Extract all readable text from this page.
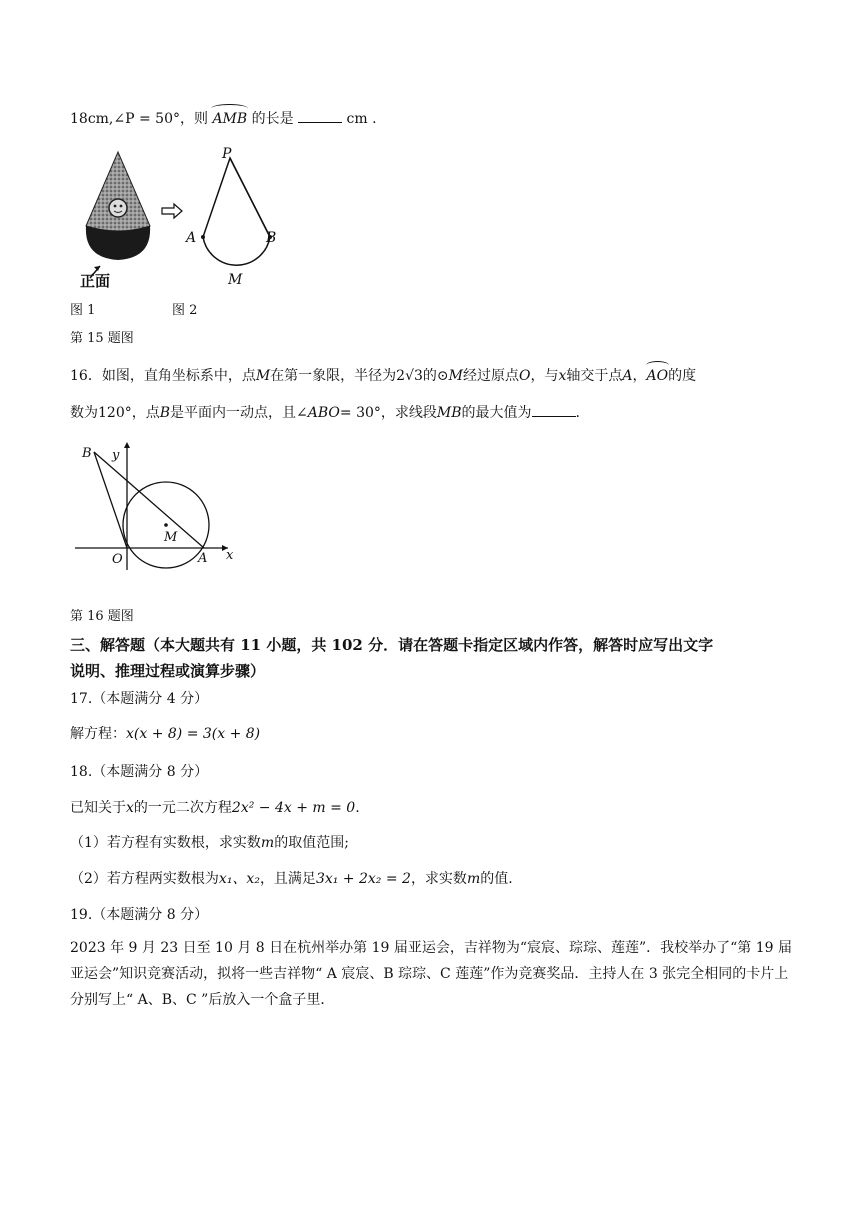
18cm,∠P = 50°，则 AMB 的长是	cm .
正面
P
A	B
M
图 1	图 2
第 15 题图
16．如图，直角坐标系中，点M在第一象限，半径为2√3的⊙M经过原点O，与x轴交于点A，AO的度
数为120°，点B是平面内一动点，且∠ABO= 30°，求线段MB的最大值为	.
B y
M
O	A x
第 16 题图
三、解答题（本大题共有 11 小题，共 102 分．请在答题卡指定区域内作答，解答时应写出文字
说明、推理过程或演算步骤）
17.（本题满分 4 分）
解方程：x(x + 8) = 3(x + 8)
18.（本题满分 8 分）
已知关于x的一元二次方程2x² − 4x + m = 0.
（1）若方程有实数根，求实数m的取值范围;
（2）若方程两实数根为x₁、x₂，且满足3x₁ + 2x₂ = 2，求实数m的值.
19.（本题满分 8 分）
2023 年 9 月 23 日至 10 月 8 日在杭州举办第 19 届亚运会，吉祥物为“宸宸、琮琮、莲莲”．我校举办了“第 19 届亚运会”知识竞赛活动，拟将一些吉祥物“ A 宸宸、B 琮琮、C 莲莲”作为竞赛奖品．主持人在 3 张完全相同的卡片上分别写上“ A、B、C ”后放入一个盒子里．
